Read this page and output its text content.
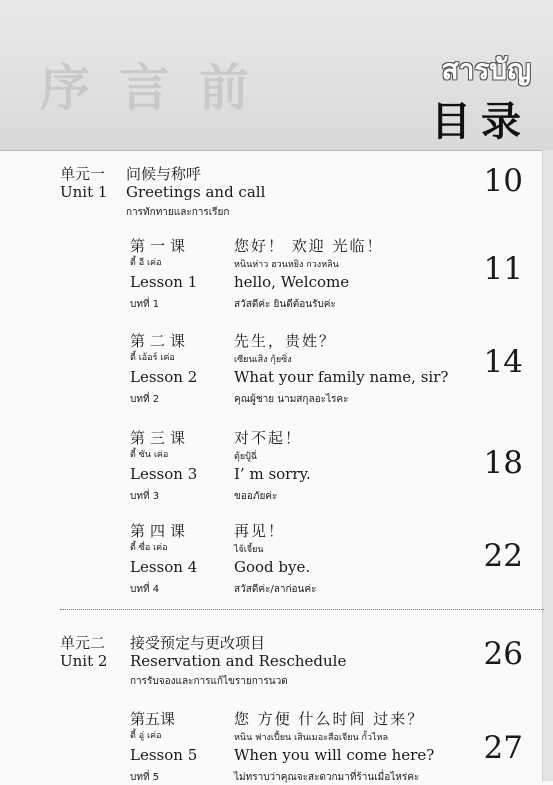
序 言 前	สารบัญ
目录
单元一
Unit 1
问候与称呼
Greetings and call
การทักทายและการเรียก
10
第一课
ตี้ อี เค่อ
Lesson 1
บทที่ 1
您好！ 欢迎 光临！
หนินห่าว ฮวนหยิง กวงหลิน
hello, Welcome
สวัสดีค่ะ ยินดีต้อนรับค่ะ
11
第二课
ตี้ เอ้อร์ เค่อ
Lesson 2
บทที่ 2
先生，贵姓？
เซียนเสิง กุ้ยซิ่ง
What your family name, sir?
คุณผู้ชาย นามสกุลอะไรคะ
14
第三课
ตี้ ซัน เค่อ
Lesson 3
บทที่ 3
对不起！
ตุ้ยปู้ฉี่
I’ m sorry.
ขออภัยค่ะ
18
第四课
ตี้ ซื่อ เค่อ
Lesson 4
บทที่ 4
再见！
ไจ้เจี้ยน
Good bye.
สวัสดีค่ะ/ลาก่อนค่ะ
22
单元二
Unit 2
接受预定与更改项目
Reservation and Reschedule
การรับจองและการแก้ไขรายการนวด
26
第五课
ตี้ อู่ เค่อ
Lesson 5
บทที่ 5
您 方便 什么时间 过来？
หนิน ฟางเปี้ยน เสินเมอะสือเจียน กั้วไหล
When you will come here?
ไม่ทราบว่าคุณจะสะดวกมาที่ร้านเมื่อไหร่คะ
27
